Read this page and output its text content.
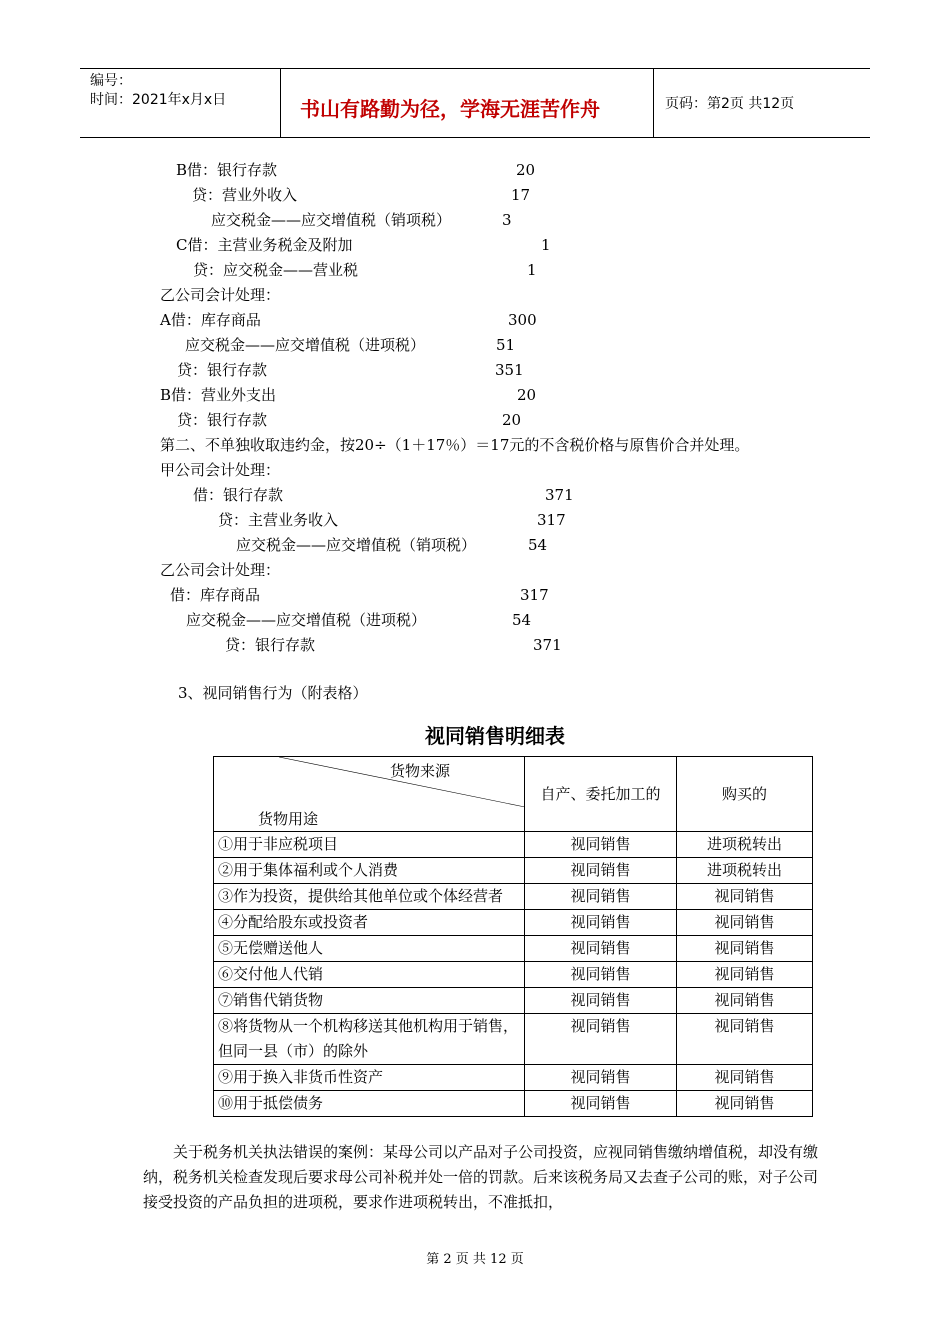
编号：
时间：2021年x月x日	书山有路勤为径，学海无涯苦作舟	页码：第2页 共12页
B借：银行存款	20
贷：营业外收入	17
应交税金——应交增值税（销项税）	3
C借：主营业务税金及附加	1
贷：应交税金——营业税	1
乙公司会计处理：
A借：库存商品	300
应交税金——应交增值税（进项税）	51
贷：银行存款	351
B借：营业外支出	20
贷：银行存款	20
第二、不单独收取违约金，按20÷（1＋17％）＝17元的不含税价格与原售价合并处理。
甲公司会计处理：
借：银行存款	371
贷：主营业务收入	317
应交税金——应交增值税（销项税）	54
乙公司会计处理：
借：库存商品	317
应交税金——应交增值税（进项税）	54
贷：银行存款	371
3、视同销售行为（附表格）
视同销售明细表
货物来源
货物用途	自产、委托加工的	购买的
①用于非应税项目	视同销售	进项税转出
②用于集体福利或个人消费	视同销售	进项税转出
③作为投资，提供给其他单位或个体经营者	视同销售	视同销售
④分配给股东或投资者	视同销售	视同销售
⑤无偿赠送他人	视同销售	视同销售
⑥交付他人代销	视同销售	视同销售
⑦销售代销货物	视同销售	视同销售
⑧将货物从一个机构移送其他机构用于销售，但同一县（市）的除外	视同销售	视同销售
⑨用于换入非货币性资产	视同销售	视同销售
⑩用于抵偿债务	视同销售	视同销售
关于税务机关执法错误的案例：某母公司以产品对子公司投资，应视同销售缴纳增值税，却没有缴纳，税务机关检查发现后要求母公司补税并处一倍的罚款。后来该税务局又去查子公司的账，对子公司接受投资的产品负担的进项税，要求作进项税转出，不准抵扣，
第 2 页 共 12 页
